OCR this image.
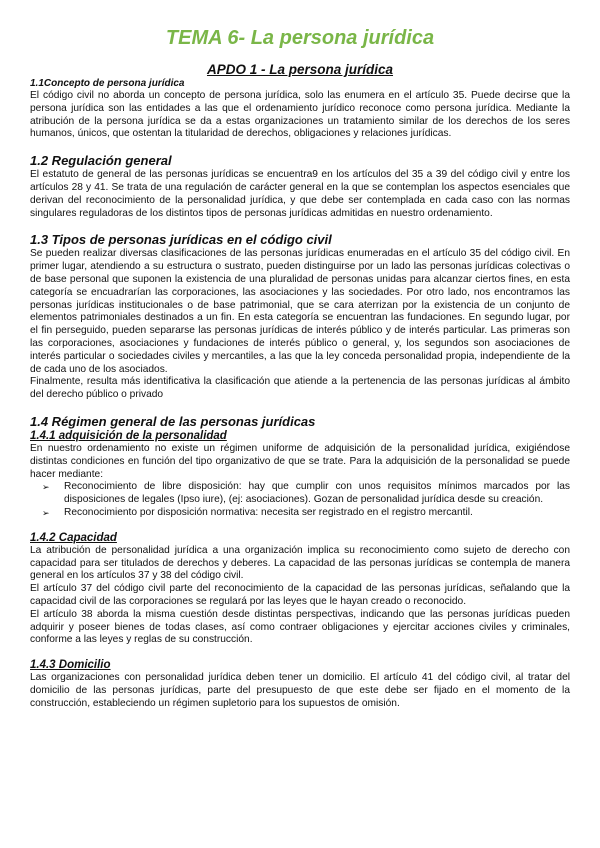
TEMA 6- La persona jurídica
APDO 1 - La persona jurídica
1.1Concepto de persona jurídica

El código civil no aborda un concepto de persona jurídica, solo las enumera en el artículo 35. Puede decirse que la persona jurídica son las entidades a las que el ordenamiento jurídico reconoce como persona jurídica. Mediante la atribución de la persona jurídica se da a estas organizaciones un tratamiento similar de los derechos de los seres humanos, únicos, que ostentan la titularidad de derechos, obligaciones y relaciones jurídicas.

1.2 Regulación general

El estatuto de general de las personas jurídicas se encuentra9 en los artículos del 35 a 39 del código civil y entre los artículos 28 y 41. Se trata de una regulación de carácter general en la que se contemplan los aspectos esenciales que derivan del reconocimiento de la personalidad jurídica, y que debe ser contemplada en cada caso con las normas singulares reguladoras de los distintos tipos de personas jurídicas admitidas en nuestro ordenamiento.

1.3 Tipos de personas jurídicas en el código civil

Se pueden realizar diversas clasificaciones de las personas jurídicas enumeradas en el artículo 35 del código civil. En primer lugar, atendiendo a su estructura o sustrato, pueden distinguirse por un lado las personas jurídicas colectivas o de base personal que suponen la existencia de una pluralidad de personas unidas para alcanzar ciertos fines, en esta categoría se encuadrarían las corporaciones, las asociaciones y las sociedades. Por otro lado, nos encontramos las personas jurídicas institucionales o de base patrimonial, que se cara aterrizan por la existencia de un conjunto de elementos patrimoniales destinados a un fin. En esta categoría se encuentran las fundaciones. En segundo lugar, por el fin perseguido, pueden separarse las personas jurídicas de interés público y de interés particular. Las primeras son las corporaciones, asociaciones y fundaciones de interés público o general, y, los segundos son asociaciones de interés particular o sociedades civiles y mercantiles, a las que la ley conceda personalidad propia, independiente de la de cada uno de los asociados.

Finalmente, resulta más identificativa la clasificación que atiende a la pertenencia de las personas jurídicas al ámbito del derecho público o privado

1.4 Régimen general de las personas jurídicas
1.4.1 adquisición de la personalidad

En nuestro ordenamiento no existe un régimen uniforme de adquisición de la personalidad jurídica, exigiéndose distintas condiciones en función del tipo organizativo de que se trate. Para la adquisición de la personalidad se puede hacer mediante:

➢ Reconocimiento de libre disposición: hay que cumplir con unos requisitos mínimos marcados por las disposiciones de legales (Ipso iure), (ej: asociaciones). Gozan de personalidad jurídica desde su creación.
➢ Reconocimiento por disposición normativa: necesita ser registrado en el registro mercantil.
1.4.2 Capacidad

La atribución de personalidad jurídica a una organización implica su reconocimiento como sujeto de derecho con capacidad para ser titulados de derechos y deberes. La capacidad de las personas jurídicas se contempla de manera general en los artículos 37 y 38 del código civil.

El artículo 37 del código civil parte del reconocimiento de la capacidad de las personas jurídicas, señalando que la capacidad civil de las corporaciones se regulará por las leyes que le hayan creado o reconocido.

El artículo 38 aborda la misma cuestión desde distintas perspectivas, indicando que las personas jurídicas pueden adquirir y poseer bienes de todas clases, así como contraer obligaciones y ejercitar acciones civiles y criminales, conforme a las leyes y reglas de su construcción.

1.4.3 Domicilio

Las organizaciones con personalidad jurídica deben tener un domicilio. El artículo 41 del código civil, al tratar del domicilio de las personas jurídicas, parte del presupuesto de que este debe ser fijado en el momento de la construcción, estableciendo un régimen supletorio para los supuestos de omisión.
